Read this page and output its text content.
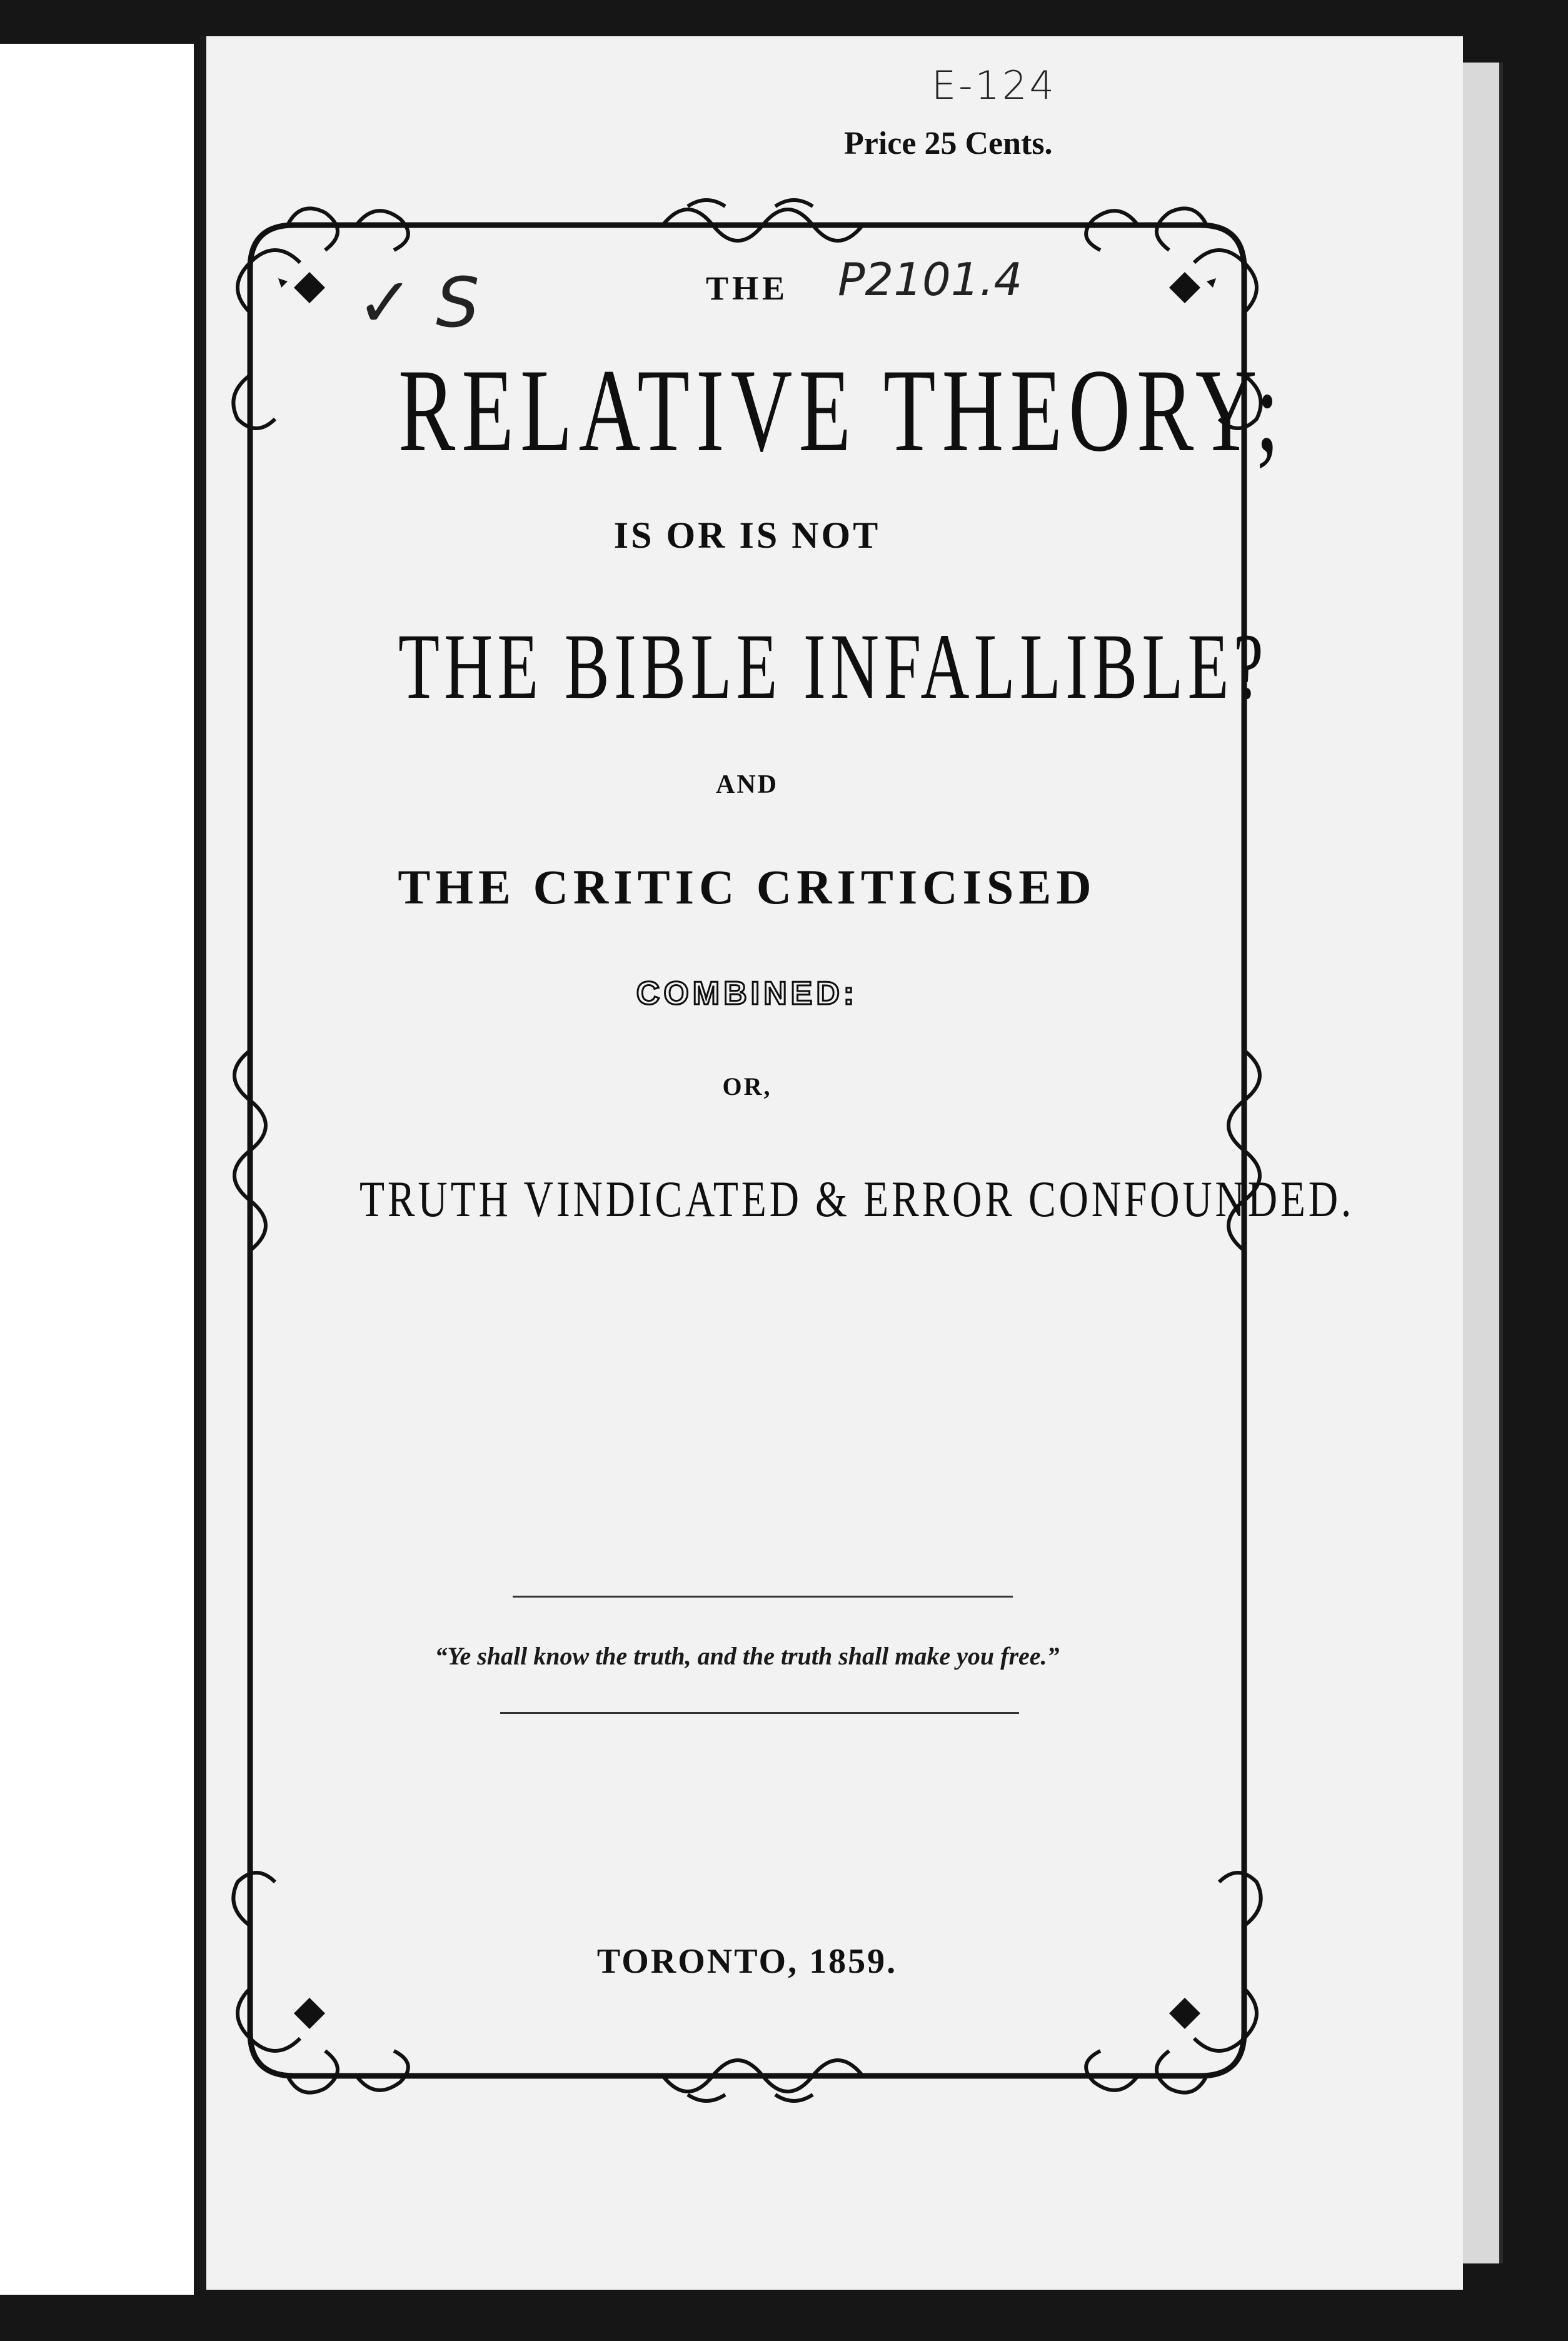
Price 25 Cents.
E-124
P2101.4
✓ S	THE
RELATIVE THEORY;
IS OR IS NOT
THE BIBLE INFALLIBLE?
AND
THE CRITIC CRITICISED
COMBINED:
OR,
TRUTH VINDICATED & ERROR CONFOUNDED.
“Ye shall know the truth, and the truth shall make you free.”
TORONTO, 1859.
